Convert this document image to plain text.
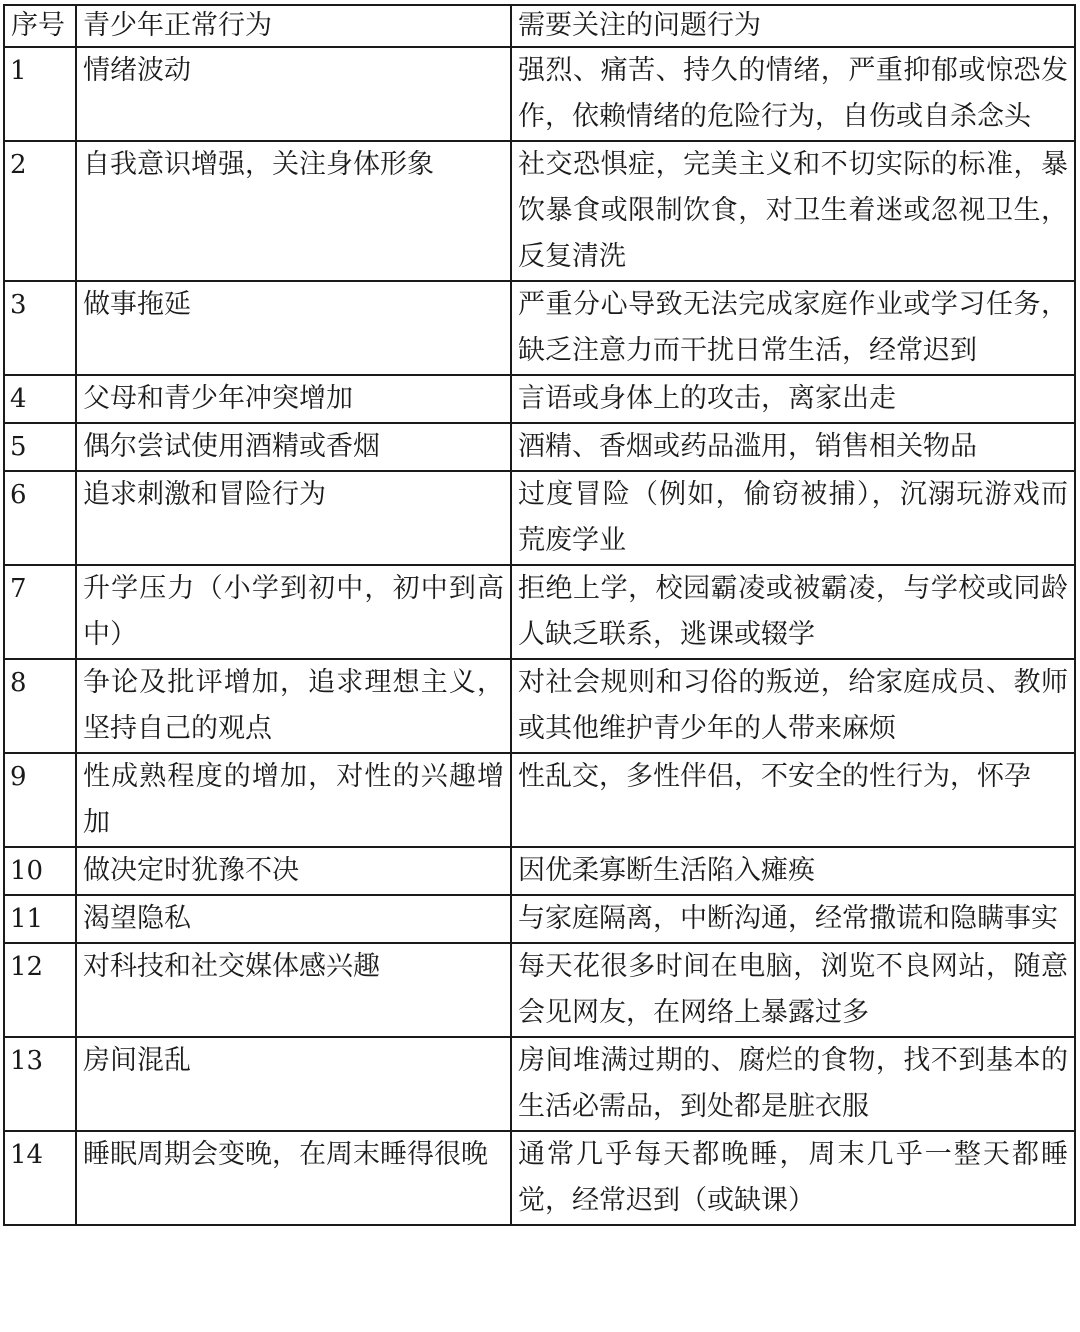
序号	青少年正常行为	需要关注的问题行为
1	情绪波动	强烈、痛苦、持久的情绪，严重抑郁或惊恐发作，依赖情绪的危险行为，自伤或自杀念头
2	自我意识增强，关注身体形象	社交恐惧症，完美主义和不切实际的标准，暴饮暴食或限制饮食，对卫生着迷或忽视卫生，反复清洗
3	做事拖延	严重分心导致无法完成家庭作业或学习任务，缺乏注意力而干扰日常生活，经常迟到
4	父母和青少年冲突增加	言语或身体上的攻击，离家出走
5	偶尔尝试使用酒精或香烟	酒精、香烟或药品滥用，销售相关物品
6	追求刺激和冒险行为	过度冒险（例如，偷窃被捕），沉溺玩游戏而荒废学业
7	升学压力（小学到初中，初中到高中）	拒绝上学，校园霸凌或被霸凌，与学校或同龄人缺乏联系，逃课或辍学
8	争论及批评增加，追求理想主义，坚持自己的观点	对社会规则和习俗的叛逆，给家庭成员、教师或其他维护青少年的人带来麻烦
9	性成熟程度的增加，对性的兴趣增加	性乱交，多性伴侣，不安全的性行为，怀孕
10	做决定时犹豫不决	因优柔寡断生活陷入瘫痪
11	渴望隐私	与家庭隔离，中断沟通，经常撒谎和隐瞒事实
12	对科技和社交媒体感兴趣	每天花很多时间在电脑，浏览不良网站，随意会见网友，在网络上暴露过多
13	房间混乱	房间堆满过期的、腐烂的食物，找不到基本的生活必需品，到处都是脏衣服
14	睡眠周期会变晚，在周末睡得很晚	通常几乎每天都晚睡，周末几乎一整天都睡觉，经常迟到（或缺课）
